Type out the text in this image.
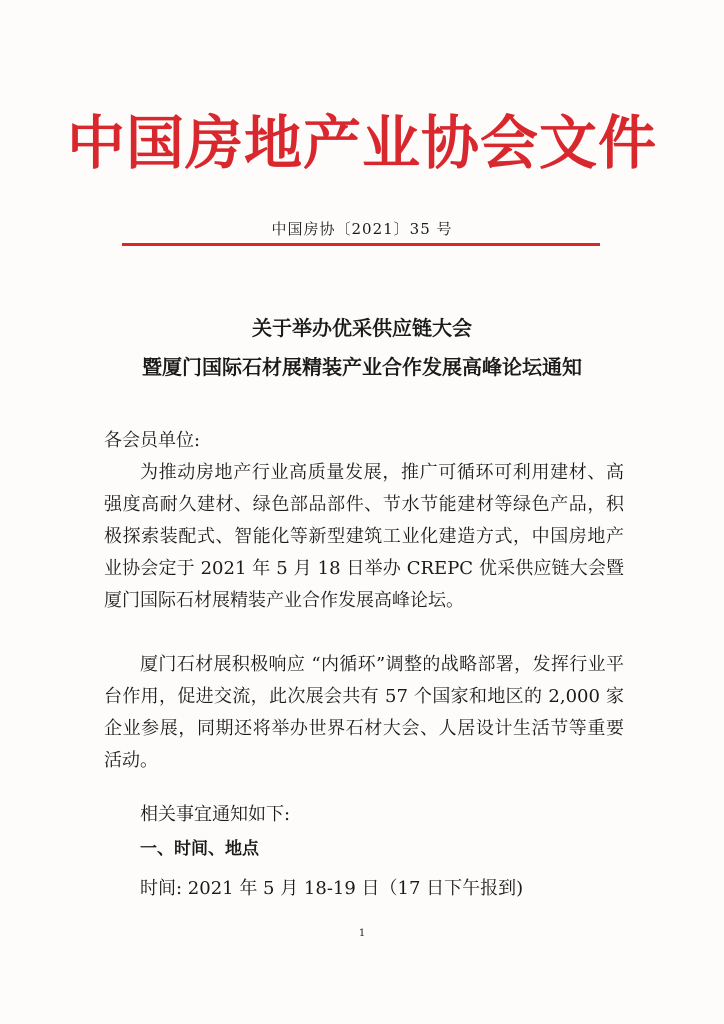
中国房地产业协会文件
中国房协〔2021〕35 号
关于举办优采供应链大会
暨厦门国际石材展精装产业合作发展高峰论坛通知
各会员单位:
为推动房地产行业高质量发展，推广可循环可利用建材、高强度高耐久建材、绿色部品部件、节水节能建材等绿色产品，积极探索装配式、智能化等新型建筑工业化建造方式，中国房地产业协会定于 2021 年 5 月 18 日举办 CREPC 优采供应链大会暨厦门国际石材展精装产业合作发展高峰论坛。
厦门石材展积极响应 “内循环”调整的战略部署，发挥行业平台作用，促进交流，此次展会共有 57 个国家和地区的 2,000 家企业参展，同期还将举办世界石材大会、人居设计生活节等重要活动。
相关事宜通知如下:
一、时间、地点
时间: 2021 年 5 月 18-19 日（17 日下午报到)
1
